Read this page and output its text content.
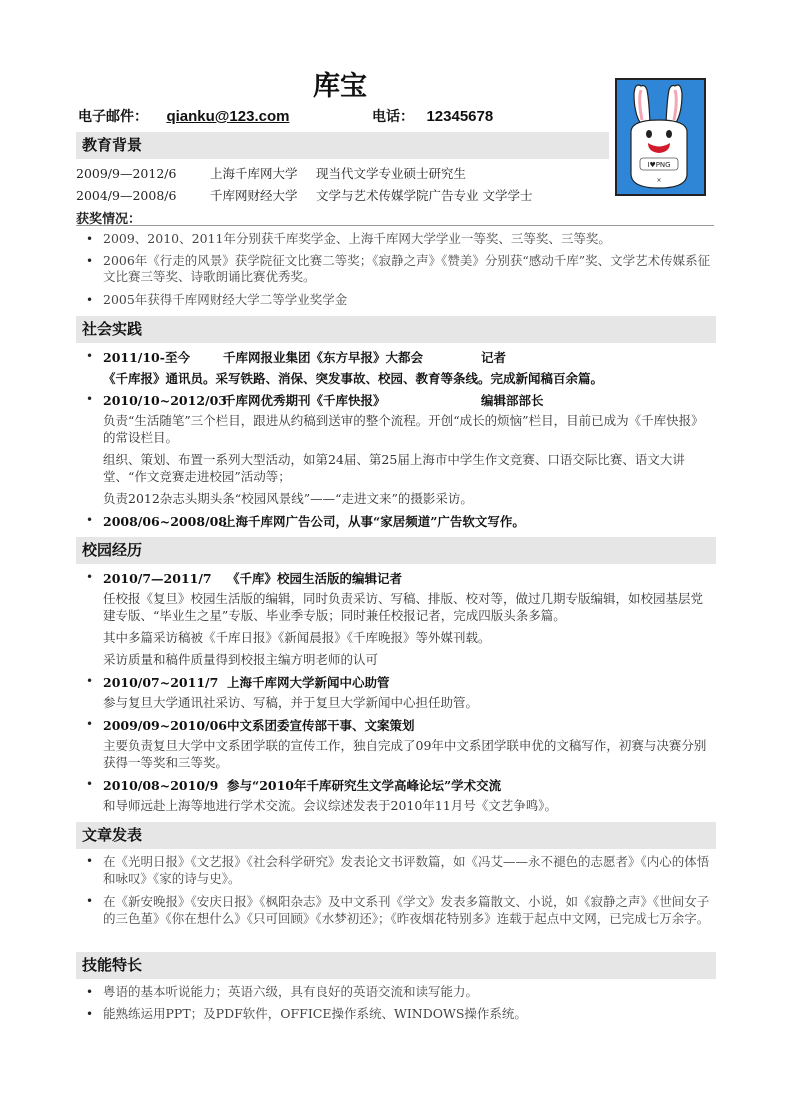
库宝
电子邮件： qianku@123.com	电话： 12345678
I♥PNG
×
教育背景
2009/9—2012/6	上海千库网大学 现当代文学专业硕士研究生
2004/9—2008/6	千库网财经大学 文学与艺术传媒学院广告专业 文学学士
获奖情况：
• 2009、2010、2011年分别获千库奖学金、上海千库网大学学业一等奖、三等奖、三等奖。
• 2006年《行走的风景》获学院征文比赛二等奖；《寂静之声》《赞美》分别获“感动千库”奖、文学艺术传媒系征文比赛三等奖、诗歌朗诵比赛优秀奖。
• 2005年获得千库网财经大学二等学业奖学金
社会实践
• 2011/10-至今	千库网报业集团《东方早报》大都会	记者
《千库报》通讯员。采写铁路、消保、突发事故、校园、教育等条线。完成新闻稿百余篇。
• 2010/10~2012/03千库网优秀期刊《千库快报》	编辑部部长
负责“生活随笔”三个栏目，跟进从约稿到送审的整个流程。开创“成长的烦恼”栏目，目前已成为《千库快报》的常设栏目。
组织、策划、布置一系列大型活动，如第24届、第25届上海市中学生作文竞赛、口语交际比赛、语文大讲堂、“作文竞赛走进校园”活动等；
负责2012杂志头期头条“校园风景线”——“走进文来”的摄影采访。
• 2008/06~2008/08上海千库网广告公司，从事“家居频道”广告软文写作。
校园经历
• 2010/7—2011/7 《千库》校园生活版的编辑记者
任校报《复旦》校园生活版的编辑，同时负责采访、写稿、排版、校对等，做过几期专版编辑，如校园基层党建专版、“毕业生之星”专版、毕业季专版；同时兼任校报记者，完成四版头条多篇。
其中多篇采访稿被《千库日报》《新闻晨报》《千库晚报》等外媒刊载。
采访质量和稿件质量得到校报主编方明老师的认可
• 2010/07~2011/7 上海千库网大学新闻中心助管
参与复旦大学通讯社采访、写稿，并于复旦大学新闻中心担任助管。
• 2009/09~2010/06中文系团委宣传部干事、文案策划
主要负责复旦大学中文系团学联的宣传工作，独自完成了09年中文系团学联申优的文稿写作，初赛与决赛分别获得一等奖和三等奖。
• 2010/08~2010/9 参与“2010年千库研究生文学高峰论坛”学术交流
和导师远赴上海等地进行学术交流。会议综述发表于2010年11月号《文艺争鸣》。
文章发表
• 在《光明日报》《文艺报》《社会科学研究》发表论文书评数篇，如《冯艾——永不褪色的志愿者》《内心的体悟和咏叹》《家的诗与史》。
• 在《新安晚报》《安庆日报》《枫阳杂志》及中文系刊《学文》发表多篇散文、小说，如《寂静之声》《世间女子的三色堇》《你在想什么》《只可回顾》《水梦初还》；《昨夜烟花特别多》连载于起点中文网，已完成七万余字。
技能特长
• 粤语的基本听说能力；英语六级，具有良好的英语交流和读写能力。
• 能熟练运用PPT；及PDF软件，OFFICE操作系统、WINDOWS操作系统。
